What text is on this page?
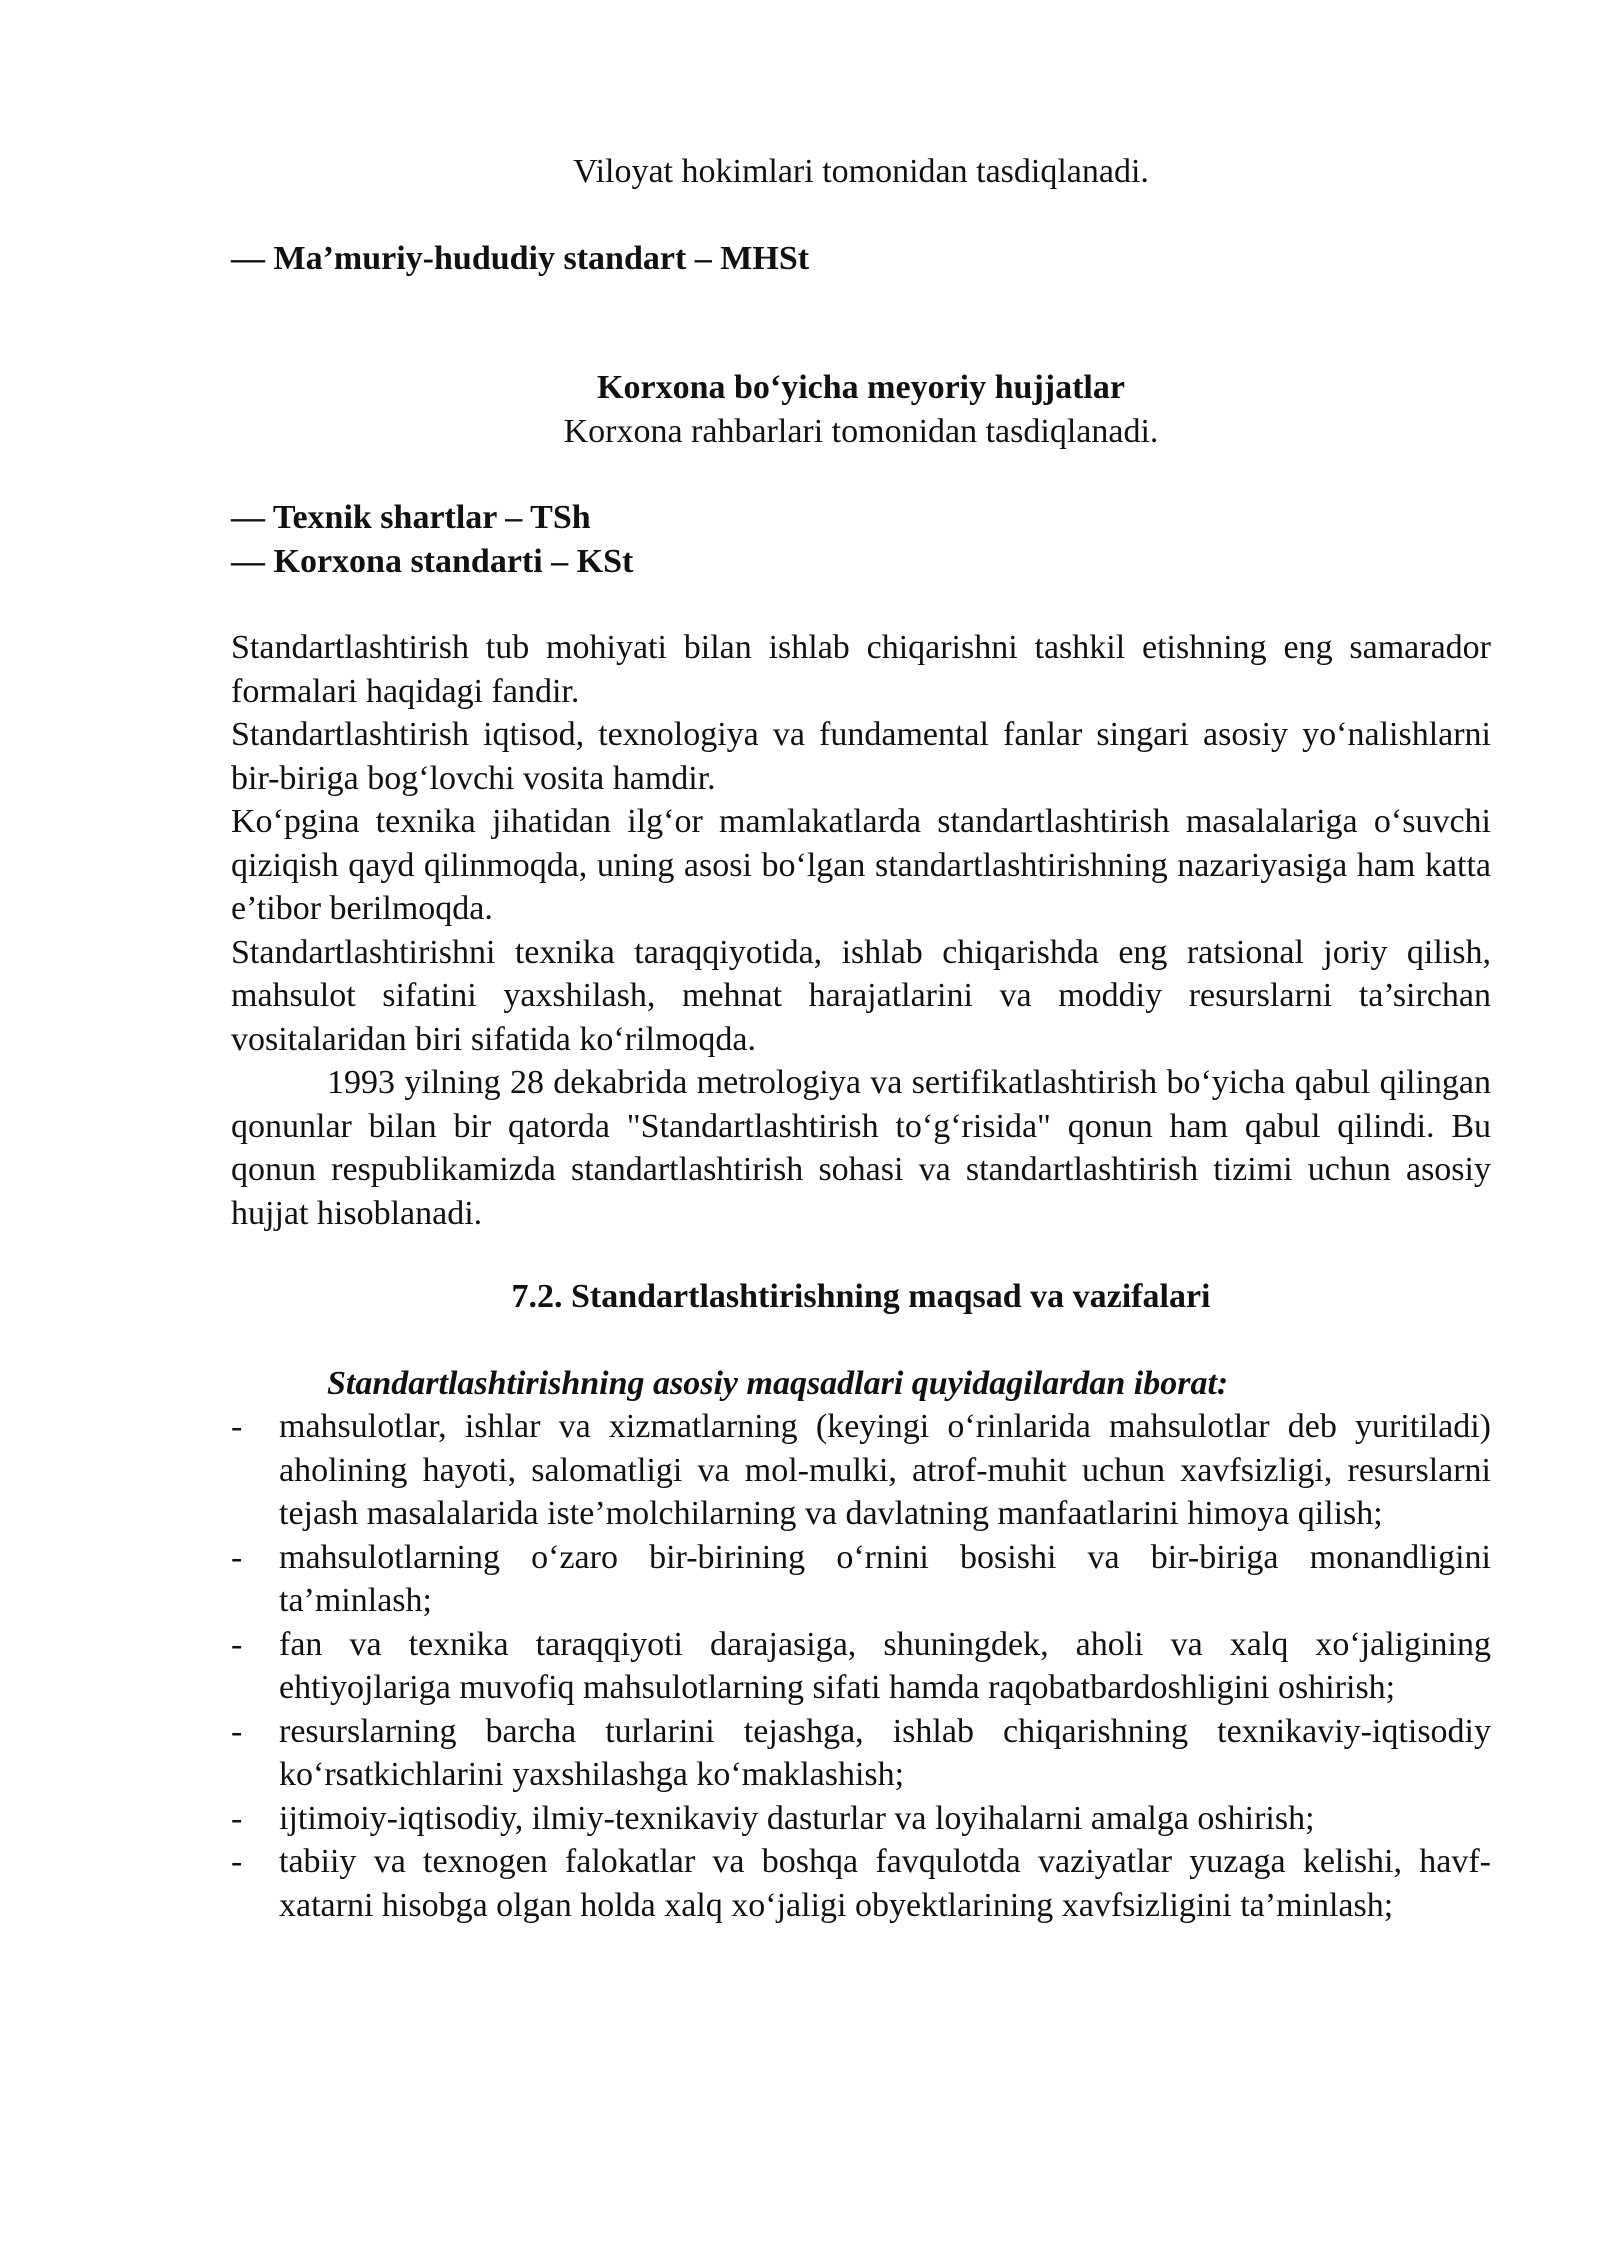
Viloyat hokimlari tomonidan tasdiqlanadi.

— Ma’muriy-hududiy standart – MHSt

Korxona bo‘yicha meyoriy hujjatlar

Korxona rahbarlari tomonidan tasdiqlanadi.

— Texnik shartlar – TSh

— Korxona standarti – KSt

Standartlashtirish tub mohiyati bilan ishlab chiqarishni tashkil etishning eng samarador formalari haqidagi fandir.

Standartlashtirish iqtisod, texnologiya va fundamental fanlar singari asosiy yo‘nalishlarni bir-biriga bog‘lovchi vosita hamdir.

Ko‘pgina texnika jihatidan ilg‘or mamlakatlarda standartlashtirish masalalariga o‘suvchi qiziqish qayd qilinmoqda, uning asosi bo‘lgan standartlashtirishning nazariyasiga ham katta e’tibor berilmoqda.

Standartlashtirishni texnika taraqqiyotida, ishlab chiqarishda eng ratsional joriy qilish, mahsulot sifatini yaxshilash, mehnat harajatlarini va moddiy resurslarni ta’sirchan vositalaridan biri sifatida ko‘rilmoqda.

1993 yilning 28 dekabrida metrologiya va sertifikatlashtirish bo‘yicha qabul qilingan qonunlar bilan bir qatorda "Standartlashtirish to‘g‘risida" qonun ham qabul qilindi. Bu qonun respublikamizda standartlashtirish sohasi va standartlashtirish tizimi uchun asosiy hujjat hisoblanadi.

7.2. Standartlashtirishning maqsad va vazifalari

Standartlashtirishning asosiy maqsadlari quyidagilardan iborat:

- mahsulotlar, ishlar va xizmatlarning (keyingi o‘rinlarida mahsulotlar deb yuritiladi) aholining hayoti, salomatligi va mol-mulki, atrof-muhit uchun xavfsizligi, resurslarni tejash masalalarida iste’molchilarning va davlatning manfaatlarini himoya qilish;
- mahsulotlarning o‘zaro bir-birining o‘rnini bosishi va bir-biriga monandligini ta’minlash;
- fan va texnika taraqqiyoti darajasiga, shuningdek, aholi va xalq xo‘jaligining ehtiyojlariga muvofiq mahsulotlarning sifati hamda raqobatbardoshligini oshirish;
- resurslarning barcha turlarini tejashga, ishlab chiqarishning texnikaviy-iqtisodiy ko‘rsatkichlarini yaxshilashga ko‘maklashish;
- ijtimoiy-iqtisodiy, ilmiy-texnikaviy dasturlar va loyihalarni amalga oshirish;
- tabiiy va texnogen falokatlar va boshqa favqulotda vaziyatlar yuzaga kelishi, havf-xatarni hisobga olgan holda xalq xo‘jaligi obyektlarining xavfsizligini ta’minlash;
